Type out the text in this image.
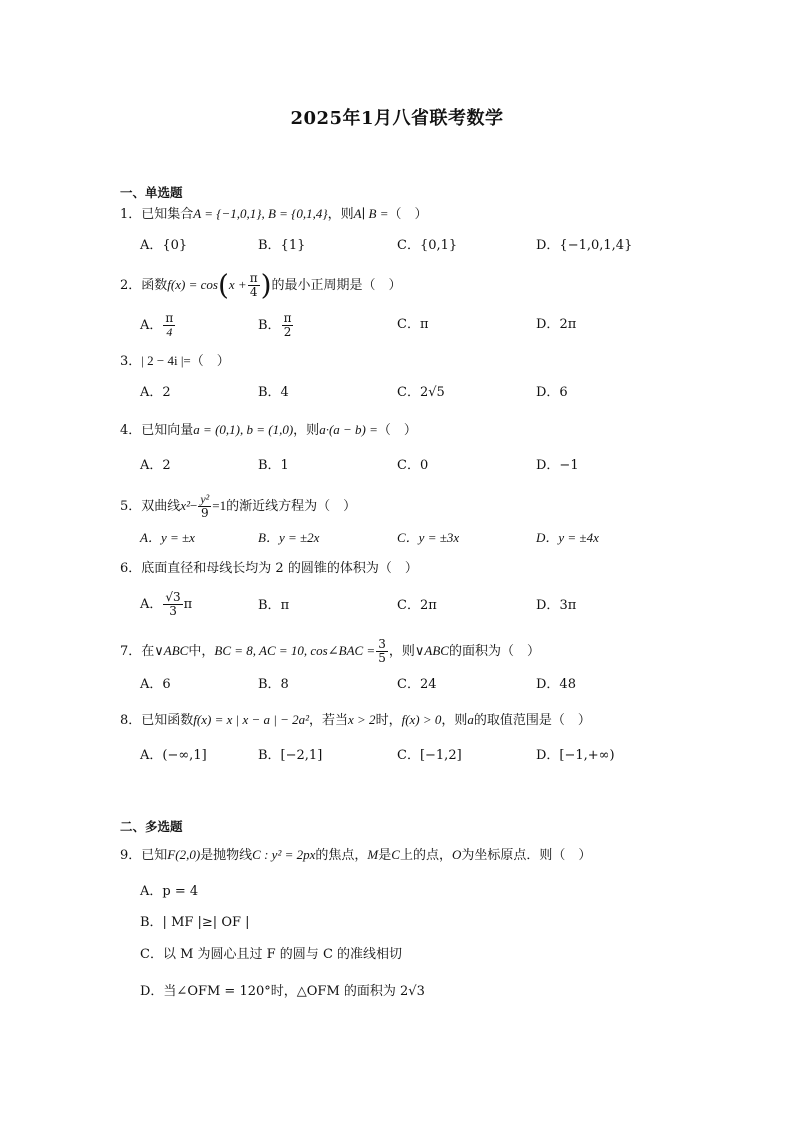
2025年1月八省联考数学
一、单选题
1．已知集合A = {−1,0,1}, B = {0,1,4}，则A∣ B =（　）
A．{0}	B．{1}	C．{0,1}	D．{−1,0,1,4}
2．函数$f(x) = \cos(x + \frac{\pi}{4}$ )的最小正周期是（　）
A． $\frac{\pi}{4}$	B． $\frac{\pi}{2}$	C．π	D．2π
3．| 2 − 4i |=（　）
A．2	B．4	C．2√5	D．6
4．已知向量a = (0,1), b = (1,0)，则a·(a − b) =（　）
A．2	B．1	C．0	D．−1
5．双曲线$x^2- \frac{\text{y²}}{9} =1$的渐近线方程为（　）
A．y = ±x	B．y = ±2x	C．y = ±3x	D．y = ±4x
6．底面直径和母线长均为 2 的圆锥的体积为（　）
A． $\frac{√3}{3}$ π	B．π	C．2π	D．3π
7．在∨ABC中，BC = 8, AC = 10, cos∠BAC = $\frac{3}{5}$ ，则∨ABC的面积为（　）
A．6	B．8	C．24	D．48
8．已知函数f(x) = x | x − a | − 2a²，若当x > 2时，f(x) > 0，则a的取值范围是（　）
A．(−∞,1]	B．[−2,1]	C．[−1,2]	D．[−1,+∞)
二、多选题
9．已知F(2,0)是抛物线C : y² = 2px的焦点，M是C上的点，O为坐标原点．则（　）
A．p = 4
B．| MF |≥| OF |
C．以 M 为圆心且过 F 的圆与 C 的准线相切
D．当∠OFM = 120°时，△OFM 的面积为 2√3
